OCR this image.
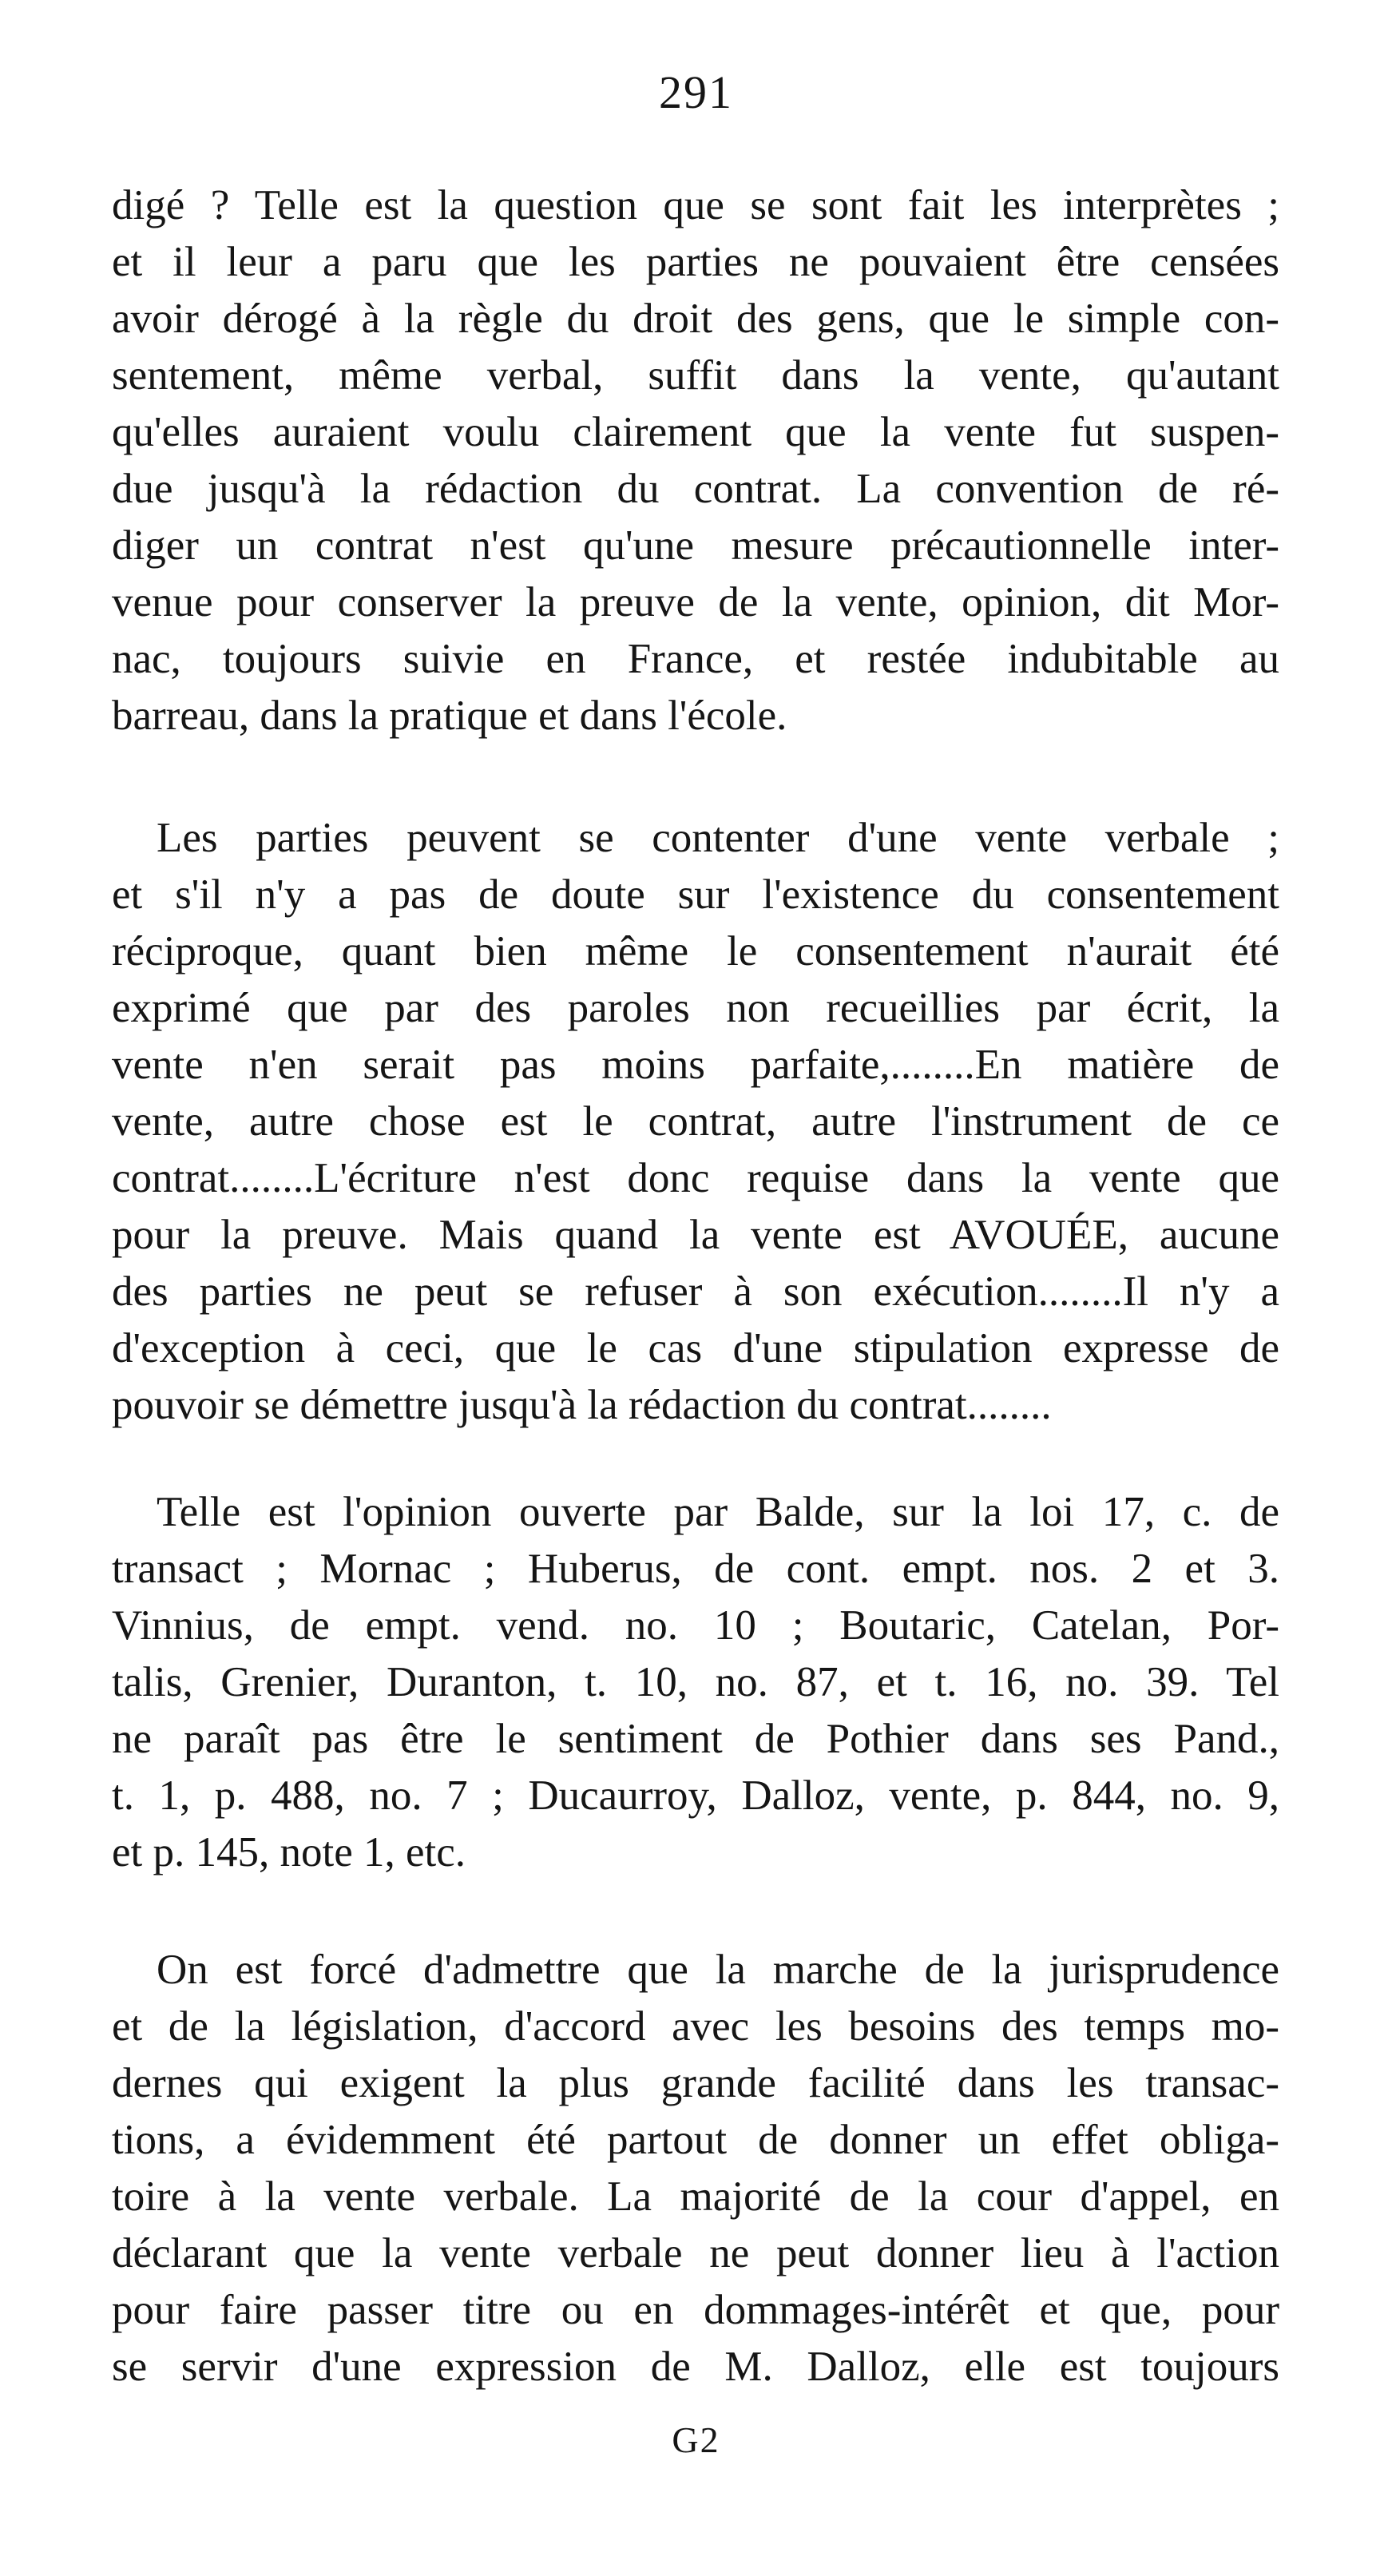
291
digé ? Telle est la question que se sont fait les interprètes ;
et il leur a paru que les parties ne pouvaient être censées
avoir dérogé à la règle du droit des gens, que le simple con-
sentement, même verbal, suffit dans la vente, qu'autant
qu'elles auraient voulu clairement que la vente fut suspen-
due jusqu'à la rédaction du contrat. La convention de ré-
diger un contrat n'est qu'une mesure précautionnelle inter-
venue pour conserver la preuve de la vente, opinion, dit Mor-
nac, toujours suivie en France, et restée indubitable au
barreau, dans la pratique et dans l'école.
Les parties peuvent se contenter d'une vente verbale ;
et s'il n'y a pas de doute sur l'existence du consentement
réciproque, quant bien même le consentement n'aurait été
exprimé que par des paroles non recueillies par écrit, la
vente n'en serait pas moins parfaite,........En matière de
vente, autre chose est le contrat, autre l'instrument de ce
contrat........L'écriture n'est donc requise dans la vente que
pour la preuve. Mais quand la vente est AVOUÉE, aucune
des parties ne peut se refuser à son exécution........Il n'y a
d'exception à ceci, que le cas d'une stipulation expresse de
pouvoir se démettre jusqu'à la rédaction du contrat........
Telle est l'opinion ouverte par Balde, sur la loi 17, c. de
transact ; Mornac ; Huberus, de cont. empt. nos. 2 et 3.
Vinnius, de empt. vend. no. 10 ; Boutaric, Catelan, Por-
talis, Grenier, Duranton, t. 10, no. 87, et t. 16, no. 39. Tel
ne paraît pas être le sentiment de Pothier dans ses Pand.,
t. 1, p. 488, no. 7 ; Ducaurroy, Dalloz, vente, p. 844, no. 9,
et p. 145, note 1, etc.
On est forcé d'admettre que la marche de la jurisprudence
et de la législation, d'accord avec les besoins des temps mo-
dernes qui exigent la plus grande facilité dans les transac-
tions, a évidemment été partout de donner un effet obliga-
toire à la vente verbale. La majorité de la cour d'appel, en
déclarant que la vente verbale ne peut donner lieu à l'action
pour faire passer titre ou en dommages-intérêt et que, pour
se servir d'une expression de M. Dalloz, elle est toujours
G2
